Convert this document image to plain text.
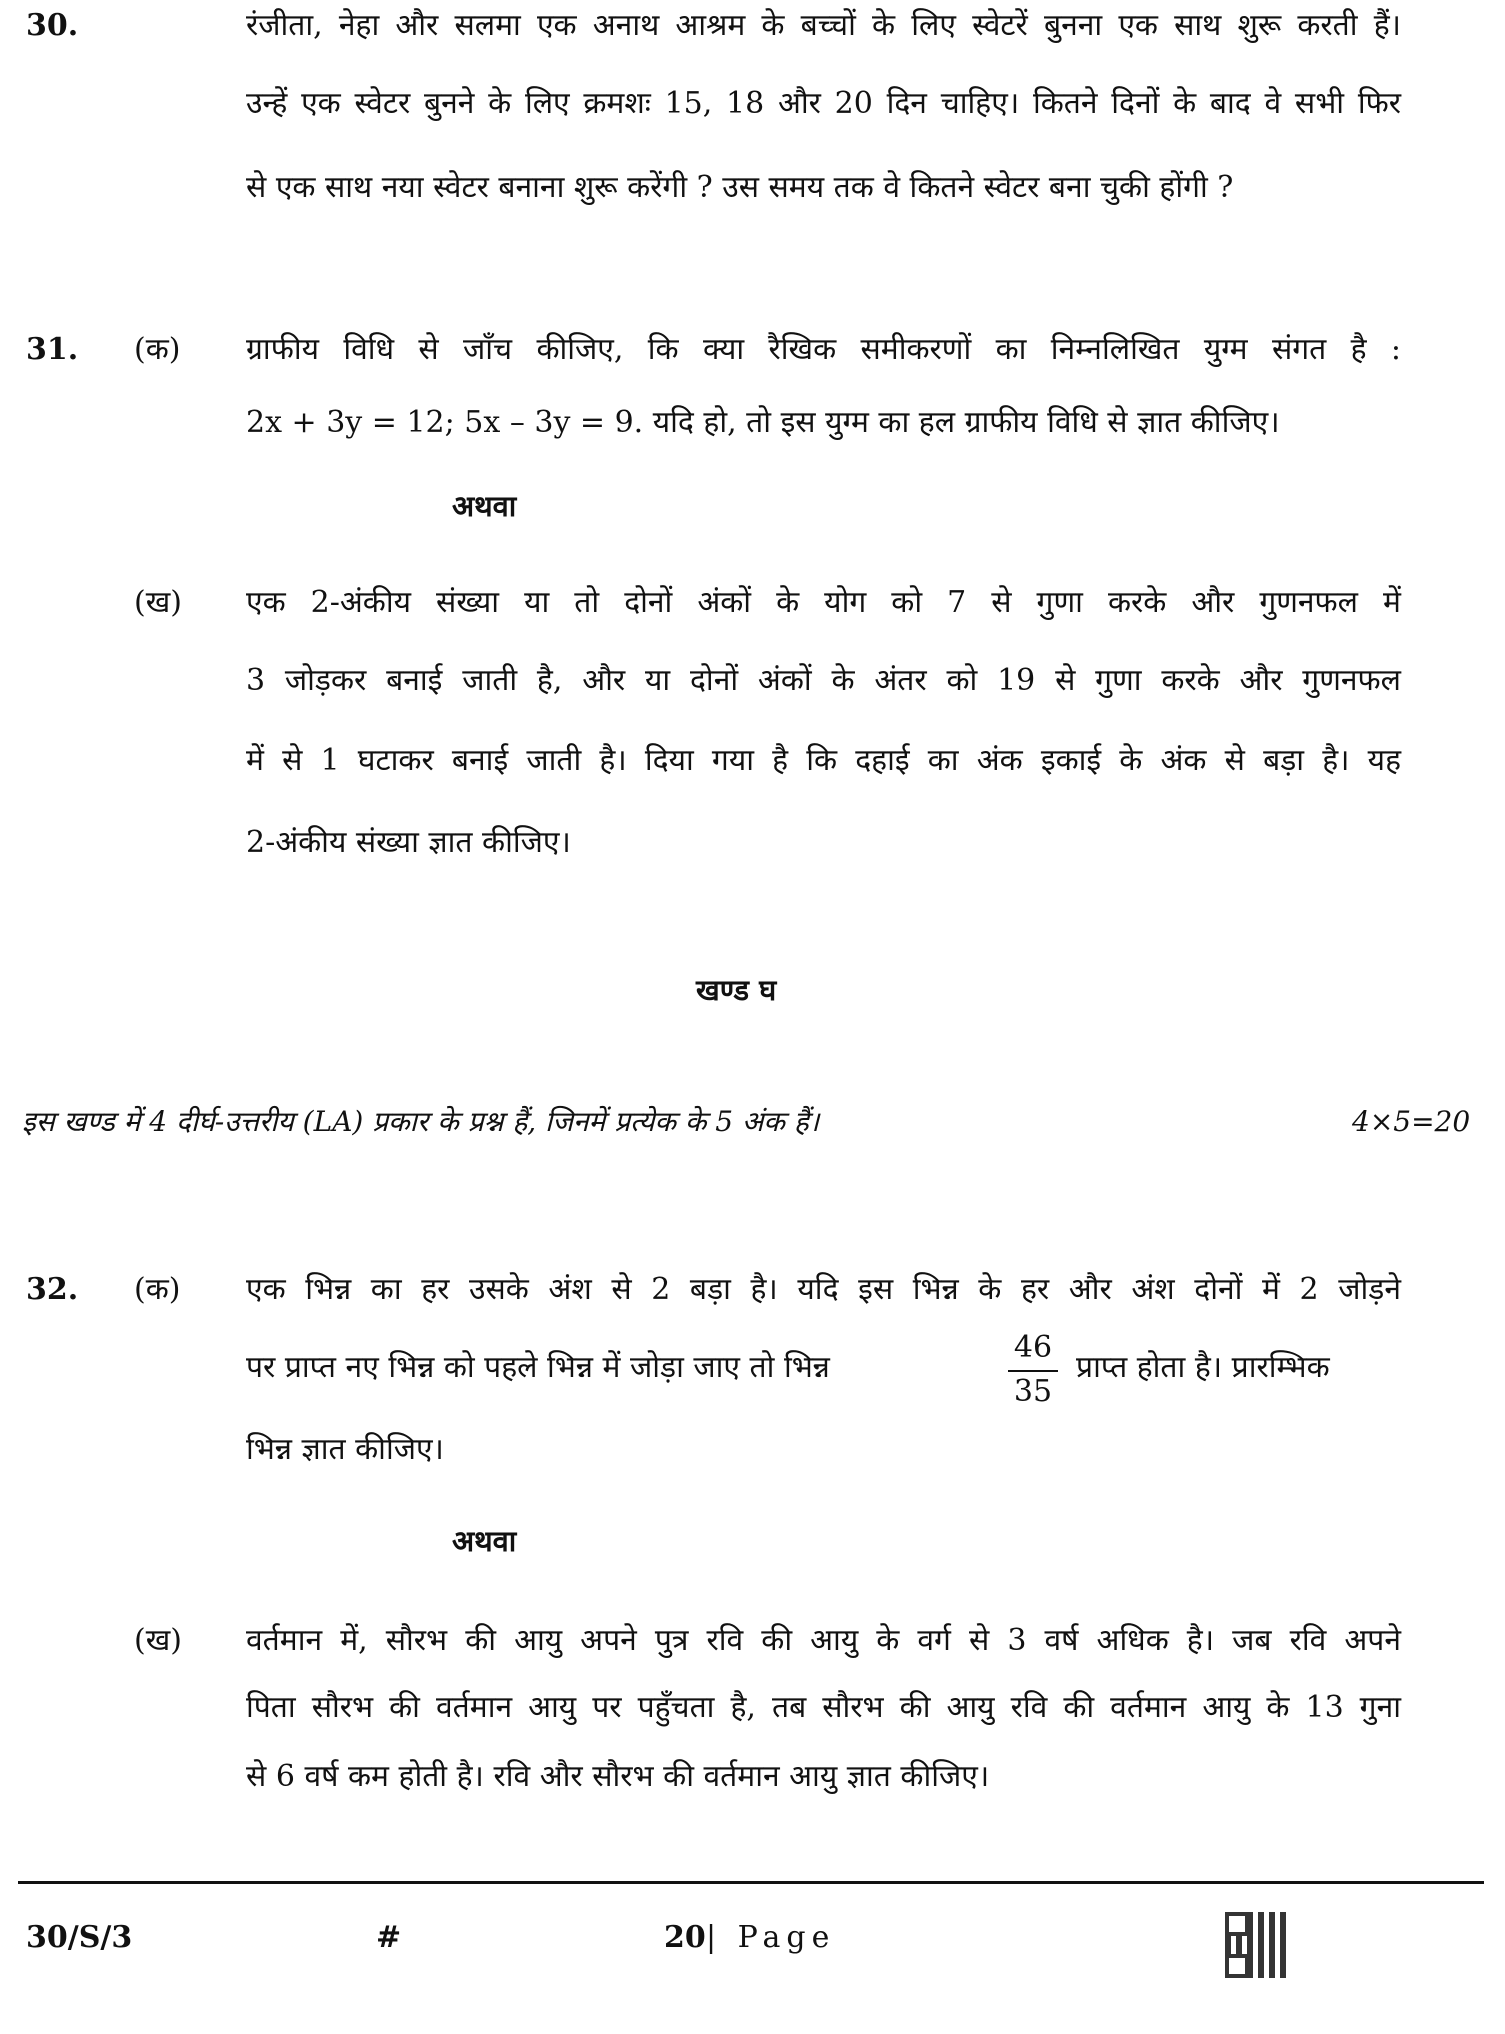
30.	रंजीता, नेहा और सलमा एक अनाथ आश्रम के बच्चों के लिए स्वेटरें बुनना एक साथ शुरू करती हैं।
उन्हें एक स्वेटर बुनने के लिए क्रमशः 15, 18 और 20 दिन चाहिए। कितने दिनों के बाद वे सभी फिर
से एक साथ नया स्वेटर बनाना शुरू करेंगी ? उस समय तक वे कितने स्वेटर बना चुकी होंगी ?
31. (क) ग्राफीय विधि से जाँच कीजिए, कि क्या रैखिक समीकरणों का निम्नलिखित युग्म संगत है :
2x + 3y = 12; 5x – 3y = 9. यदि हो, तो इस युग्म का हल ग्राफीय विधि से ज्ञात कीजिए।
अथवा
(ख) एक 2-अंकीय संख्या या तो दोनों अंकों के योग को 7 से गुणा करके और गुणनफल में
3 जोड़कर बनाई जाती है, और या दोनों अंकों के अंतर को 19 से गुणा करके और गुणनफल
में से 1 घटाकर बनाई जाती है। दिया गया है कि दहाई का अंक इकाई के अंक से बड़ा है। यह
2-अंकीय संख्या ज्ञात कीजिए।
खण्ड घ
इस खण्ड में 4 दीर्घ-उत्तरीय (LA) प्रकार के प्रश्न हैं, जिनमें प्रत्येक के 5 अंक हैं।	4×5=20
32. (क) एक भिन्न का हर उसके अंश से 2 बड़ा है। यदि इस भिन्न के हर और अंश दोनों में 2 जोड़ने
पर प्राप्त नए भिन्न को पहले भिन्न में जोड़ा जाए तो भिन्न	$\frac{46}{35}$ प्राप्त होता है। प्रारम्भिक
भिन्न ज्ञात कीजिए।
अथवा
(ख) वर्तमान में, सौरभ की आयु अपने पुत्र रवि की आयु के वर्ग से 3 वर्ष अधिक है। जब रवि अपने
पिता सौरभ की वर्तमान आयु पर पहुँचता है, तब सौरभ की आयु रवि की वर्तमान आयु के 13 गुना
से 6 वर्ष कम होती है। रवि और सौरभ की वर्तमान आयु ज्ञात कीजिए।
30/S/3	#	20 | Page
